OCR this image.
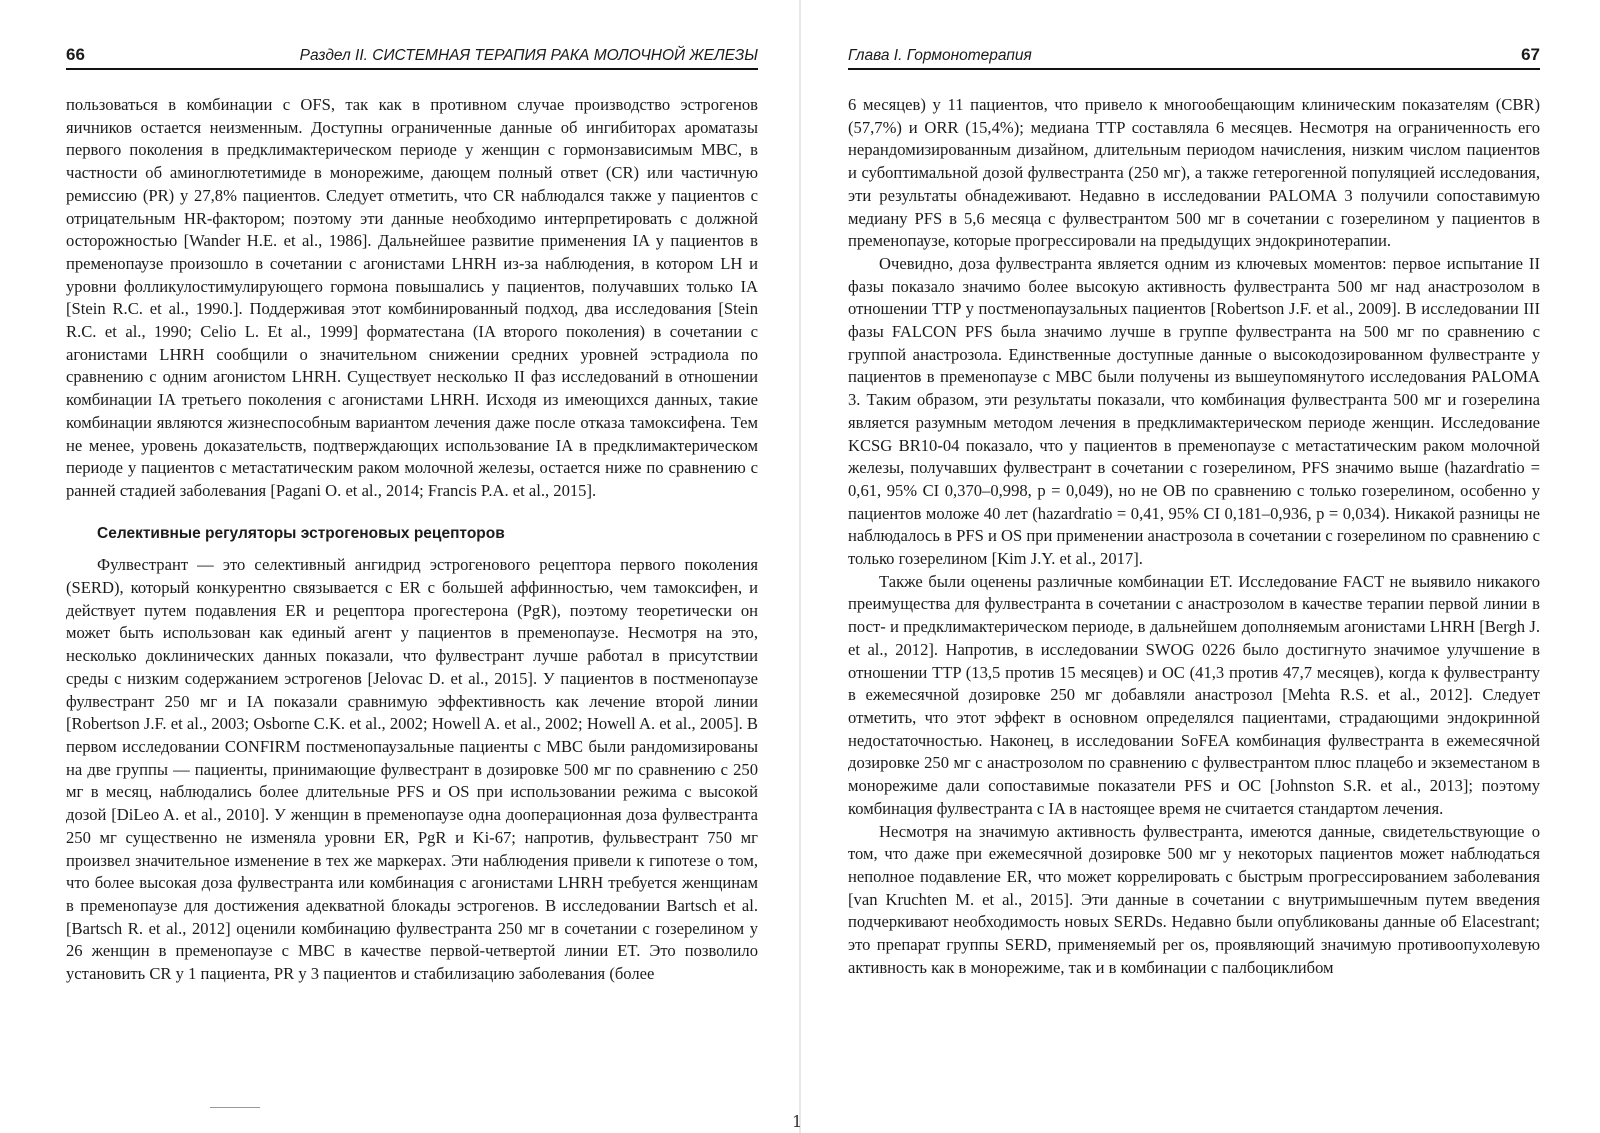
66	Раздел II. СИСТЕМНАЯ ТЕРАПИЯ РАКА МОЛОЧНОЙ ЖЕЛЕЗЫ

пользоваться в комбинации с OFS, так как в противном случае производство эстрогенов яичников остается неизменным. Доступны ограниченные данные об ингибиторах ароматазы первого поколения в предклимактерическом периоде у женщин с гормонзависимым MBC, в частности об аминоглютетимиде в монорежиме, дающем полный ответ (CR) или частичную ремиссию (PR) у 27,8% пациентов. Следует отметить, что CR наблюдался также у пациентов с отрицательным HR-фактором; поэтому эти данные необходимо интерпретировать с должной осторожностью [Wander H.E. et al., 1986]. Дальнейшее развитие применения IA у пациентов в пременопаузе произошло в сочетании с агонистами LHRH из-за наблюдения, в котором LH и уровни фолликулостимулирующего гормона повышались у пациентов, получавших только IA [Stein R.C. et al., 1990.]. Поддерживая этот комбинированный подход, два исследования [Stein R.C. et al., 1990; Celio L. Et al., 1999] форматестана (IA второго поколения) в сочетании с агонистами LHRH сообщили о значительном снижении средних уровней эстрадиола по сравнению с одним агонистом LHRH. Существует несколько II фаз исследований в отношении комбинации IA третьего поколения с агонистами LHRH. Исходя из имеющихся данных, такие комбинации являются жизнеспособным вариантом лечения даже после отказа тамоксифена. Тем не менее, уровень доказательств, подтверждающих использование IA в предклимактерическом периоде у пациентов с метастатическим раком молочной железы, остается ниже по сравнению с ранней стадией заболевания [Pagani O. et al., 2014; Francis P.A. et al., 2015].

Селективные регуляторы эстрогеновых рецепторов

Фулвестрант — это селективный ангидрид эстрогенового рецептора первого поколения (SERD), который конкурентно связывается с ER с большей аффинностью, чем тамоксифен, и действует путем подавления ER и рецептора прогестерона (PgR), поэтому теоретически он может быть использован как единый агент у пациентов в пременопаузе. Несмотря на это, несколько доклинических данных показали, что фулвестрант лучше работал в присутствии среды с низким содержанием эстрогенов [Jelovac D. et al., 2015]. У пациентов в постменопаузе фулвестрант 250 мг и IA показали сравнимую эффективность как лечение второй линии [Robertson J.F. et al., 2003; Osborne C.K. et al., 2002; Howell A. et al., 2002; Howell A. et al., 2005]. В первом исследовании CONFIRM постменопаузальные пациенты с MBC были рандомизированы на две группы — пациенты, принимающие фулвестрант в дозировке 500 мг по сравнению с 250 мг в месяц, наблюдались более длительные PFS и OS при использовании режима с высокой дозой [DiLeo A. et al., 2010]. У женщин в пременопаузе одна дооперационная доза фулвестранта 250 мг существенно не изменяла уровни ER, PgR и Ki-67; напротив, фульвестрант 750 мг произвел значительное изменение в тех же маркерах. Эти наблюдения привели к гипотезе о том, что более высокая доза фулвестранта или комбинация с агонистами LHRH требуется женщинам в пременопаузе для достижения адекватной блокады эстрогенов. В исследовании Bartsch et al. [Bartsch R. et al., 2012] оценили комбинацию фулвестранта 250 мг в сочетании с гозерелином у 26 женщин в пременопаузе с MBC в качестве первой-четвертой линии ET. Это позволило установить CR у 1 пациента, PR у 3 пациентов и стабилизацию заболевания (более

1
Глава I. Гормонотерапия	67

6 месяцев) у 11 пациентов, что привело к многообещающим клиническим показателям (CBR) (57,7%) и ORR (15,4%); медиана TTP составляла 6 месяцев. Несмотря на ограниченность его нерандомизированным дизайном, длительным периодом начисления, низким числом пациентов и субоптимальной дозой фулвестранта (250 мг), а также гетерогенной популяцией исследования, эти результаты обнадеживают. Недавно в исследовании PALOMA 3 получили сопоставимую медиану PFS в 5,6 месяца с фулвестрантом 500 мг в сочетании с гозерелином у пациентов в пременопаузе, которые прогрессировали на предыдущих эндокринотерапии.

Очевидно, доза фулвестранта является одним из ключевых моментов: первое испытание II фазы показало значимо более высокую активность фулвестранта 500 мг над анастрозолом в отношении TTP у постменопаузальных пациентов [Robertson J.F. et al., 2009]. В исследовании III фазы FALCON PFS была значимо лучше в группе фулвестранта на 500 мг по сравнению с группой анастрозола. Единственные доступные данные о высокодозированном фулвестранте у пациентов в пременопаузе с MBC были получены из вышеупомянутого исследования PALOMA 3. Таким образом, эти результаты показали, что комбинация фулвестранта 500 мг и гозерелина является разумным методом лечения в предклимактерическом периоде женщин. Исследование KCSG BR10-04 показало, что у пациентов в пременопаузе с метастатическим раком молочной железы, получавших фулвестрант в сочетании с гозерелином, PFS значимо выше (hazardratio = 0,61, 95% CI 0,370–0,998, p = 0,049), но не OB по сравнению с только гозерелином, особенно у пациентов моложе 40 лет (hazardratio = 0,41, 95% CI 0,181–0,936, p = 0,034). Никакой разницы не наблюдалось в PFS и OS при применении анастрозола в сочетании с гозерелином по сравнению с только гозерелином [Kim J.Y. et al., 2017].

Также были оценены различные комбинации ET. Исследование FACT не выявило никакого преимущества для фулвестранта в сочетании с анастрозолом в качестве терапии первой линии в пост- и предклимактерическом периоде, в дальнейшем дополняемым агонистами LHRH [Bergh J. et al., 2012]. Напротив, в исследовании SWOG 0226 было достигнуто значимое улучшение в отношении TTP (13,5 против 15 месяцев) и OC (41,3 против 47,7 месяцев), когда к фулвестранту в ежемесячной дозировке 250 мг добавляли анастрозол [Mehta R.S. et al., 2012]. Следует отметить, что этот эффект в основном определялся пациентами, страдающими эндокринной недостаточностью. Наконец, в исследовании SoFEA комбинация фулвестранта в ежемесячной дозировке 250 мг с анастрозолом по сравнению с фулвестрантом плюс плацебо и экземестаном в монорежиме дали сопоставимые показатели PFS и OC [Johnston S.R. et al., 2013]; поэтому комбинация фулвестранта с IA в настоящее время не считается стандартом лечения.

Несмотря на значимую активность фулвестранта, имеются данные, свидетельствующие о том, что даже при ежемесячной дозировке 500 мг у некоторых пациентов может наблюдаться неполное подавление ER, что может коррелировать с быстрым прогрессированием заболевания [van Kruchten M. et al., 2015]. Эти данные в сочетании с внутримышечным путем введения подчеркивают необходимость новых SERDs. Недавно были опубликованы данные об Elacestrant; это препарат группы SERD, применяемый per os, проявляющий значимую противоопухолевую активность как в монорежиме, так и в комбинации с палбоциклибом
